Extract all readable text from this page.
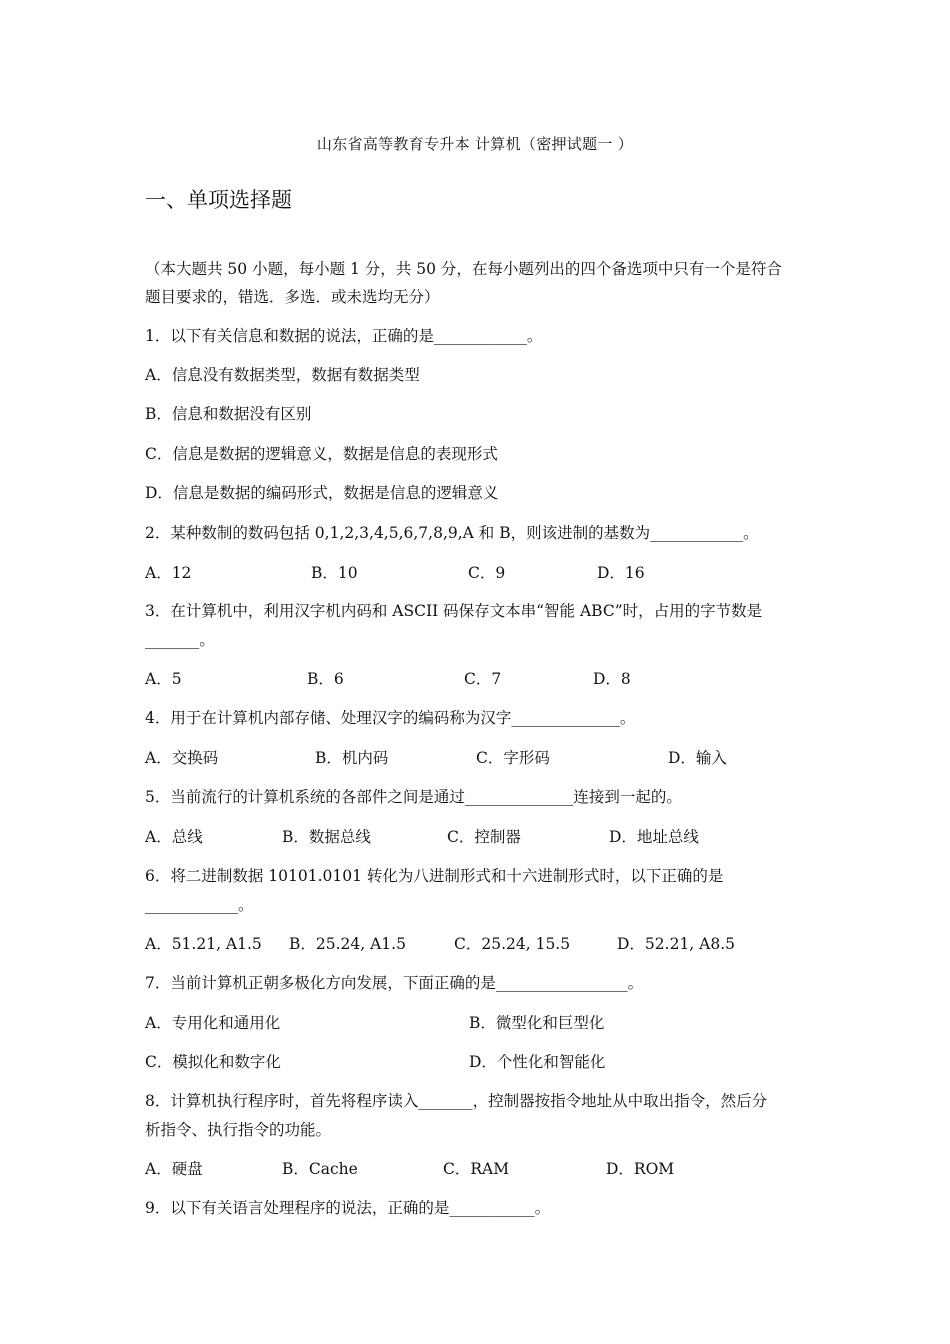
山东省高等教育专升本 计算机（密押试题一 ）
一、单项选择题
（本大题共 50 小题，每小题 1 分，共 50 分，在每小题列出的四个备选项中只有一个是符合
题目要求的，错选．多选．或未选均无分）
1．以下有关信息和数据的说法，正确的是____________。
A．信息没有数据类型，数据有数据类型
B．信息和数据没有区别
C．信息是数据的逻辑意义，数据是信息的表现形式
D．信息是数据的编码形式，数据是信息的逻辑意义
2．某种数制的数码包括 0,1,2,3,4,5,6,7,8,9,A 和 B，则该进制的基数为____________。
A．12	B．10	C．9	D．16
3．在计算机中，利用汉字机内码和 ASCII 码保存文本串“智能 ABC”时，占用的字节数是
_______。
A．5	B．6	C．7	D．8
4．用于在计算机内部存储、处理汉字的编码称为汉字______________。
A．交换码	B．机内码	C．字形码	D．输入
5．当前流行的计算机系统的各部件之间是通过______________连接到一起的。
A．总线	B．数据总线	C．控制器	D．地址总线
6．将二进制数据 10101.0101 转化为八进制形式和十六进制形式时，以下正确的是
____________。
A．51.21, A1.5 B．25.24, A1.5	C．25.24, 15.5	D．52.21, A8.5
7．当前计算机正朝多极化方向发展，下面正确的是_________________。
A．专用化和通用化	B．微型化和巨型化
C．模拟化和数字化	D．个性化和智能化
8．计算机执行程序时，首先将程序读入_______，控制器按指令地址从中取出指令，然后分
析指令、执行指令的功能。
A．硬盘	B．Cache	C．RAM	D．ROM
9．以下有关语言处理程序的说法，正确的是___________。
